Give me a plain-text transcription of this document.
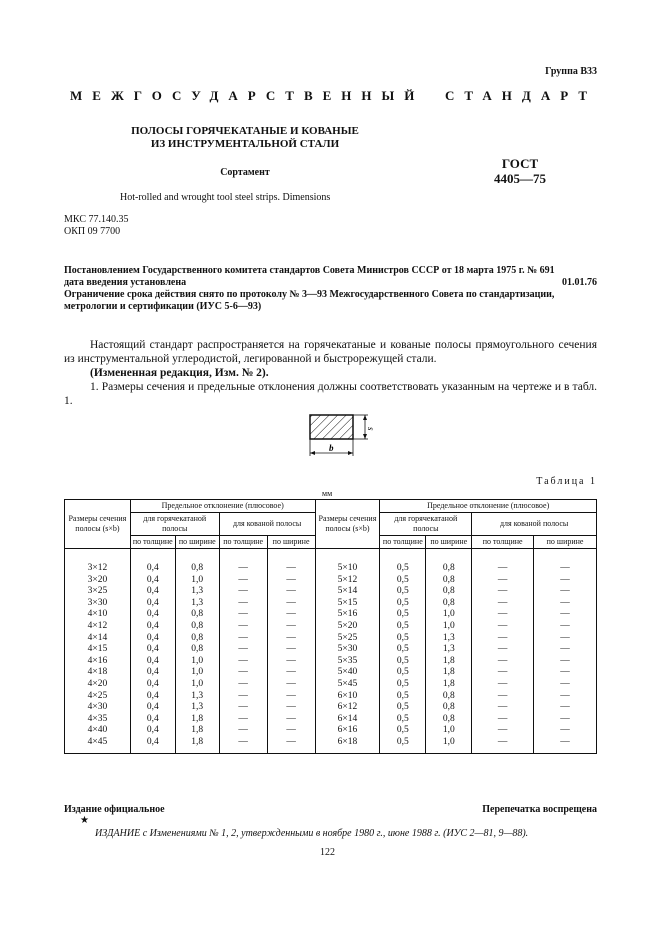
Группа В33
МЕЖГОСУДАРСТВЕННЫЙ СТАНДАРТ
ПОЛОСЫ ГОРЯЧЕКАТАНЫЕ И КОВАНЫЕ
ИЗ ИНСТРУМЕНТАЛЬНОЙ СТАЛИ
Сортамент
Hot-rolled and wrought tool steel strips. Dimensions
ГОСТ
4405—75
МКС 77.140.35
ОКП 09 7700
Постановлением Государственного комитета стандартов Совета Министров СССР от 18 марта 1975 г. № 691
дата введения установлена	01.01.76
Ограничение срока действия снято по протоколу № 3—93 Межгосударственного Совета по стандартизации, метрологии и сертификации (ИУС 5-6—93)

Настоящий стандарт распространяется на горячекатаные и кованые полосы прямоугольного сечения из инструментальной углеродистой, легированной и быстрорежущей стали.

(Измененная редакция, Изм. № 2).

1. Размеры сечения и предельные отклонения должны соответствовать указанным на чертеже и в табл. 1.

s
b
Таблица 1
мм
Размеры сечения полосы (s×b)	Предельное отклонение (плюсовое)				Размеры сечения полосы (s×b)	Предельное отклонение (плюсовое)			
	для горячекатаной полосы		для кованой полосы			для горячекатаной полосы		для кованой полосы	
	по толщине	по ширине	по толщине	по ширине		по толщине	по ширине	по толщине	по ширине
3×12	0,4	0,8	—	—	5×10	0,5	0,8	—	—
3×20	0,4	1,0	—	—	5×12	0,5	0,8	—	—
3×25	0,4	1,3	—	—	5×14	0,5	0,8	—	—
3×30	0,4	1,3	—	—	5×15	0,5	0,8	—	—
4×10	0,4	0,8	—	—	5×16	0,5	1,0	—	—
4×12	0,4	0,8	—	—	5×20	0,5	1,0	—	—
4×14	0,4	0,8	—	—	5×25	0,5	1,3	—	—
4×15	0,4	0,8	—	—	5×30	0,5	1,3	—	—
4×16	0,4	1,0	—	—	5×35	0,5	1,8	—	—
4×18	0,4	1,0	—	—	5×40	0,5	1,8	—	—
4×20	0,4	1,0	—	—	5×45	0,5	1,8	—	—
4×25	0,4	1,3	—	—	6×10	0,5	0,8	—	—
4×30	0,4	1,3	—	—	6×12	0,5	0,8	—	—
4×35	0,4	1,8	—	—	6×14	0,5	0,8	—	—
4×40	0,4	1,8	—	—	6×16	0,5	1,0	—	—
4×45	0,4	1,8	—	—	6×18	0,5	1,0	—	—
Издание официальное	Перепечатка воспрещена
★
ИЗДАНИЕ с Изменениями № 1, 2, утвержденными в ноябре 1980 г., июне 1988 г. (ИУС 2—81, 9—88).
122
